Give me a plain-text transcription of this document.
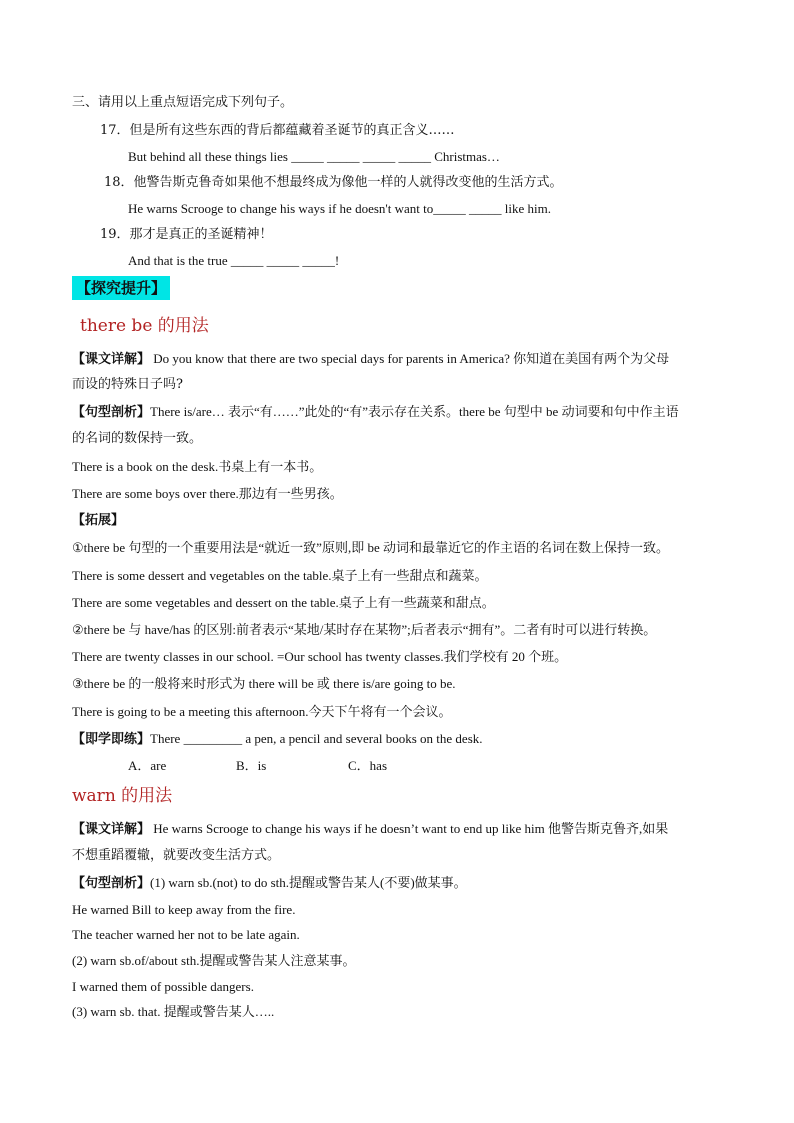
三、请用以上重点短语完成下列句子。
17．但是所有这些东西的背后都蕴藏着圣诞节的真正含义……
But behind all these things lies _____ _____ _____ _____ Christmas…
18．他警告斯克鲁奇如果他不想最终成为像他一样的人就得改变他的生活方式。
He warns Scrooge to change his ways if he doesn't want to_____ _____ like him.
19．那才是真正的圣诞精神！
And that is the true _____ _____ _____!
【探究提升】
there be 的用法
【课文详解】 Do you know that there are two special days for parents in America? 你知道在美国有两个为父母
而设的特殊日子吗?
【句型剖析】There is/are… 表示“有……”此处的“有”表示存在关系。there be 句型中 be 动词要和句中作主语
的名词的数保持一致。
There is a book on the desk.书桌上有一本书。
There are some boys over there.那边有一些男孩。
【拓展】
①there be 句型的一个重要用法是“就近一致”原则,即 be 动词和最靠近它的作主语的名词在数上保持一致。
There is some dessert and vegetables on the table.桌子上有一些甜点和蔬菜。
There are some vegetables and dessert on the table.桌子上有一些蔬菜和甜点。
②there be 与 have/has 的区别:前者表示“某地/某时存在某物”;后者表示“拥有”。二者有时可以进行转换。
There are twenty classes in our school. =Our school has twenty classes.我们学校有 20 个班。
③there be 的一般将来时形式为 there will be 或 there is/are going to be.
There is going to be a meeting this afternoon.今天下午将有一个会议。
【即学即练】There _________ a pen, a pencil and several books on the desk.
A．are	B．is	C．has
warn 的用法
【课文详解】 He warns Scrooge to change his ways if he doesn’t want to end up like him 他警告斯克鲁齐,如果
不想重蹈覆辙，就要改变生活方式。
【句型剖析】(1) warn sb.(not) to do sth.提醒或警告某人(不要)做某事。
He warned Bill to keep away from the fire.
The teacher warned her not to be late again.
(2) warn sb.of/about sth.提醒或警告某人注意某事。
I warned them of possible dangers.
(3) warn sb. that. 提醒或警告某人…..
